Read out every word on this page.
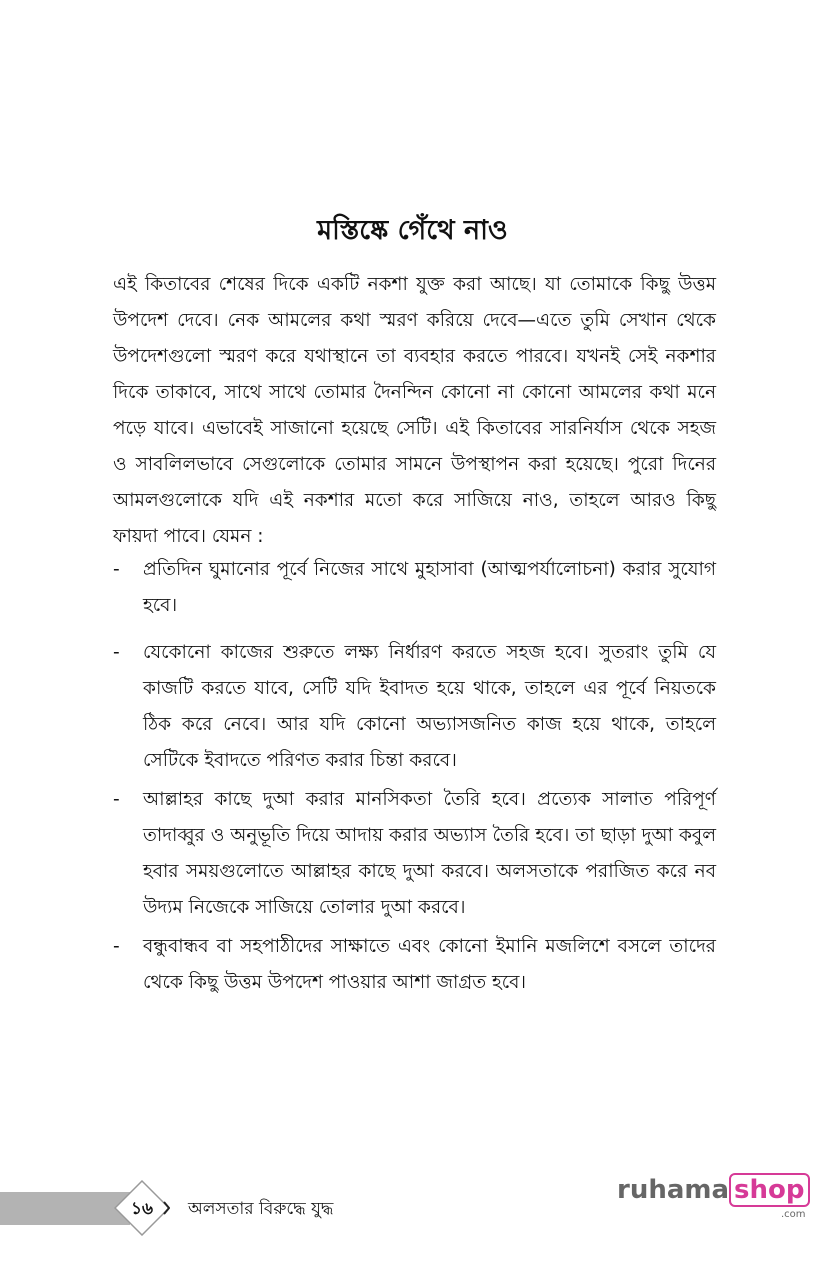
মস্তিষ্কে গেঁথে নাও
এই কিতাবের শেষের দিকে একটি নকশা যুক্ত করা আছে। যা তোমাকে কিছু উত্তম উপদেশ দেবে। নেক আমলের কথা স্মরণ করিয়ে দেবে—এতে তুমি সেখান থেকে উপদেশগুলো স্মরণ করে যথাস্থানে তা ব্যবহার করতে পারবে। যখনই সেই নকশার দিকে তাকাবে, সাথে সাথে তোমার দৈনন্দিন কোনো না কোনো আমলের কথা মনে পড়ে যাবে। এভাবেই সাজানো হয়েছে সেটি। এই কিতাবের সারনির্যাস থেকে সহজ ও সাবলিলভাবে সেগুলোকে তোমার সামনে উপস্থাপন করা হয়েছে। পুরো দিনের আমলগুলোকে যদি এই নকশার মতো করে সাজিয়ে নাও, তাহলে আরও কিছু ফায়দা পাবে। যেমন :
- প্রতিদিন ঘুমানোর পূর্বে নিজের সাথে মুহাসাবা (আত্মপর্যালোচনা) করার সুযোগ হবে।
- যেকোনো কাজের শুরুতে লক্ষ্য নির্ধারণ করতে সহজ হবে। সুতরাং তুমি যে কাজটি করতে যাবে, সেটি যদি ইবাদত হয়ে থাকে, তাহলে এর পূর্বে নিয়তকে ঠিক করে নেবে। আর যদি কোনো অভ্যাসজনিত কাজ হয়ে থাকে, তাহলে সেটিকে ইবাদতে পরিণত করার চিন্তা করবে।
- আল্লাহর কাছে দুআ করার মানসিকতা তৈরি হবে। প্রত্যেক সালাত পরিপূর্ণ তাদাব্বুর ও অনুভূতি দিয়ে আদায় করার অভ্যাস তৈরি হবে। তা ছাড়া দুআ কবুল হবার সময়গুলোতে আল্লাহর কাছে দুআ করবে। অলসতাকে পরাজিত করে নব উদ্যম নিজেকে সাজিয়ে তোলার দুআ করবে।
- বন্ধুবান্ধব বা সহপাঠীদের সাক্ষাতে এবং কোনো ইমানি মজলিশে বসলে তাদের থেকে কিছু উত্তম উপদেশ পাওয়ার আশা জাগ্রত হবে।
১৬	অলসতার বিরুদ্ধে যুদ্ধ
ruhama shop
.com
